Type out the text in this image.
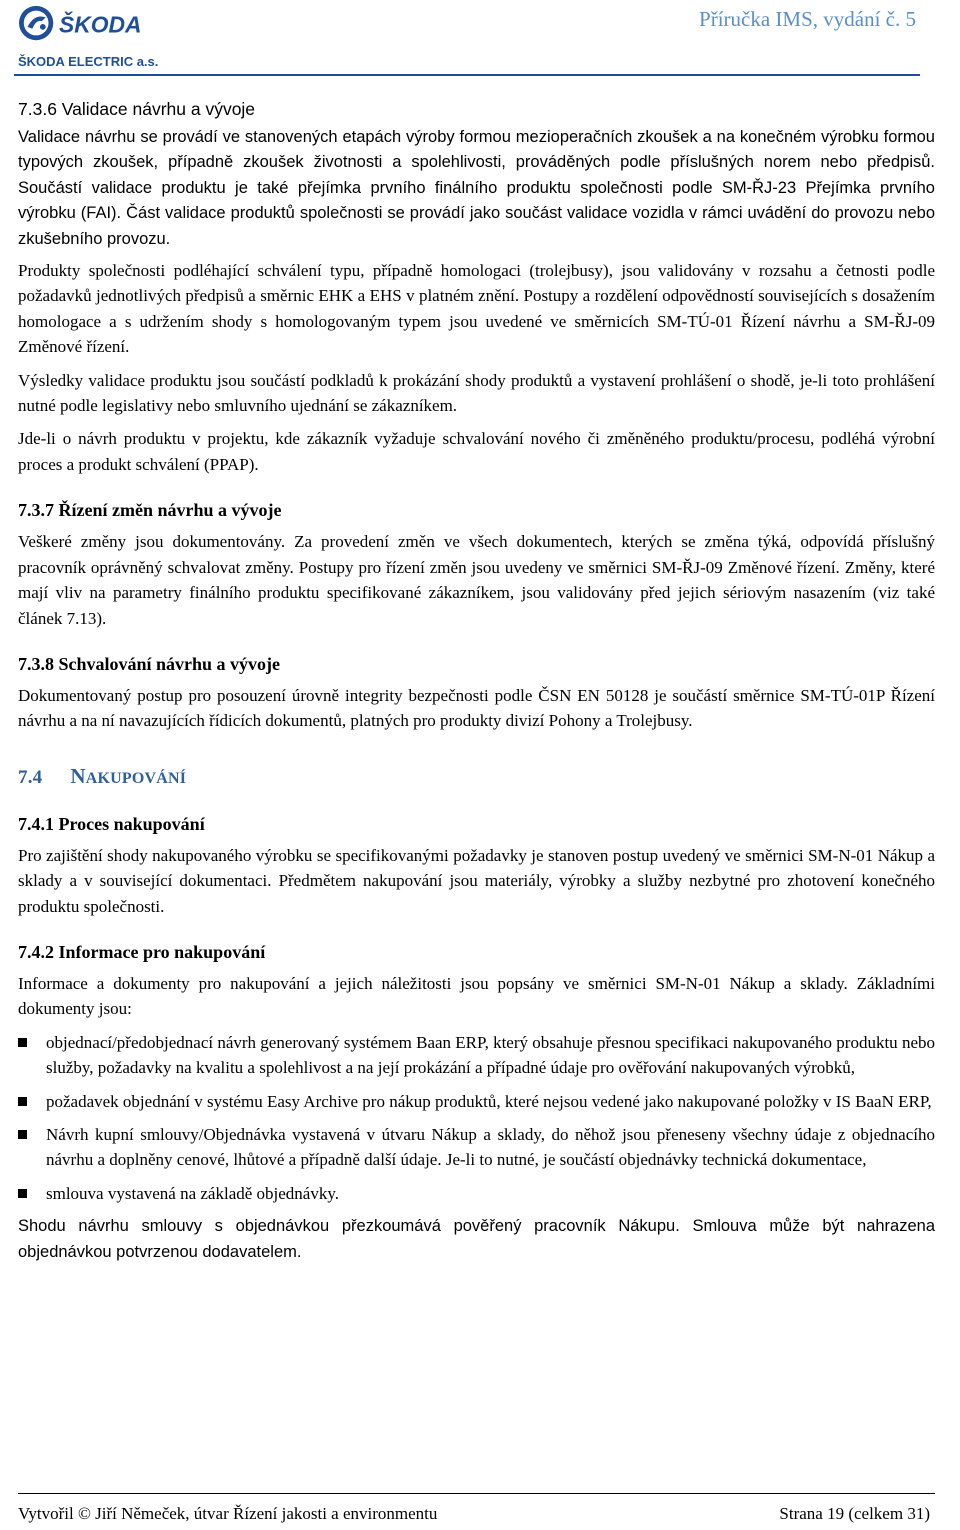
ŠKODA
ŠKODA ELECTRIC a.s.
Příručka IMS, vydání č. 5
7.3.6 Validace návrhu a vývoje

Validace návrhu se provádí ve stanovených etapách výroby formou mezioperačních zkoušek a na konečném výrobku formou typových zkoušek, případně zkoušek životnosti a spolehlivosti, prováděných podle příslušných norem nebo předpisů. Součástí validace produktu je také přejímka prvního finálního produktu společnosti podle SM-ŘJ-23 Přejímka prvního výrobku (FAI). Část validace produktů společnosti se provádí jako součást validace vozidla v rámci uvádění do provozu nebo zkušebního provozu.

Produkty společnosti podléhající schválení typu, případně homologaci (trolejbusy), jsou validovány v rozsahu a četnosti podle požadavků jednotlivých předpisů a směrnic EHK a EHS v platném znění. Postupy a rozdělení odpovědností souvisejících s dosažením homologace a s udržením shody s homologovaným typem jsou uvedené ve směrnicích SM-TÚ-01 Řízení návrhu a SM-ŘJ-09 Změnové řízení.

Výsledky validace produktu jsou součástí podkladů k prokázání shody produktů a vystavení prohlášení o shodě, je-li toto prohlášení nutné podle legislativy nebo smluvního ujednání se zákazníkem.

Jde-li o návrh produktu v projektu, kde zákazník vyžaduje schvalování nového či změněného produktu/procesu, podléhá výrobní proces a produkt schválení (PPAP).

7.3.7 Řízení změn návrhu a vývoje

Veškeré změny jsou dokumentovány. Za provedení změn ve všech dokumentech, kterých se změna týká, odpovídá příslušný pracovník oprávněný schvalovat změny. Postupy pro řízení změn jsou uvedeny ve směrnici SM-ŘJ-09 Změnové řízení. Změny, které mají vliv na parametry finálního produktu specifikované zákazníkem, jsou validovány před jejich sériovým nasazením (viz také článek 7.13).

7.3.8 Schvalování návrhu a vývoje

Dokumentovaný postup pro posouzení úrovně integrity bezpečnosti podle ČSN EN 50128 je součástí směrnice SM-TÚ-01P Řízení návrhu a na ní navazujících řídicích dokumentů, platných pro produkty divizí Pohony a Trolejbusy.

7.4 NAKUPOVÁNÍ
7.4.1 Proces nakupování

Pro zajištění shody nakupovaného výrobku se specifikovanými požadavky je stanoven postup uvedený ve směrnici SM-N-01 Nákup a sklady a v související dokumentaci. Předmětem nakupování jsou materiály, výrobky a služby nezbytné pro zhotovení konečného produktu společnosti.

7.4.2 Informace pro nakupování

Informace a dokumenty pro nakupování a jejich náležitosti jsou popsány ve směrnici SM-N-01 Nákup a sklady. Základními dokumenty jsou:

objednací/předobjednací návrh generovaný systémem Baan ERP, který obsahuje přesnou specifikaci nakupovaného produktu nebo služby, požadavky na kvalitu a spolehlivost a na její prokázání a případné údaje pro ověřování nakupovaných výrobků,
požadavek objednání v systému Easy Archive pro nákup produktů, které nejsou vedené jako nakupované položky v IS BaaN ERP,
Návrh kupní smlouvy/Objednávka vystavená v útvaru Nákup a sklady, do něhož jsou přeneseny všechny údaje z objednacího návrhu a doplněny cenové, lhůtové a případně další údaje. Je-li to nutné, je součástí objednávky technická dokumentace,
smlouva vystavená na základě objednávky.

Shodu návrhu smlouvy s objednávkou přezkoumává pověřený pracovník Nákupu. Smlouva může být nahrazena objednávkou potvrzenou dodavatelem.

Vytvořil © Jiří Němeček, útvar Řízení jakosti a environmentu	Strana 19 (celkem 31)
